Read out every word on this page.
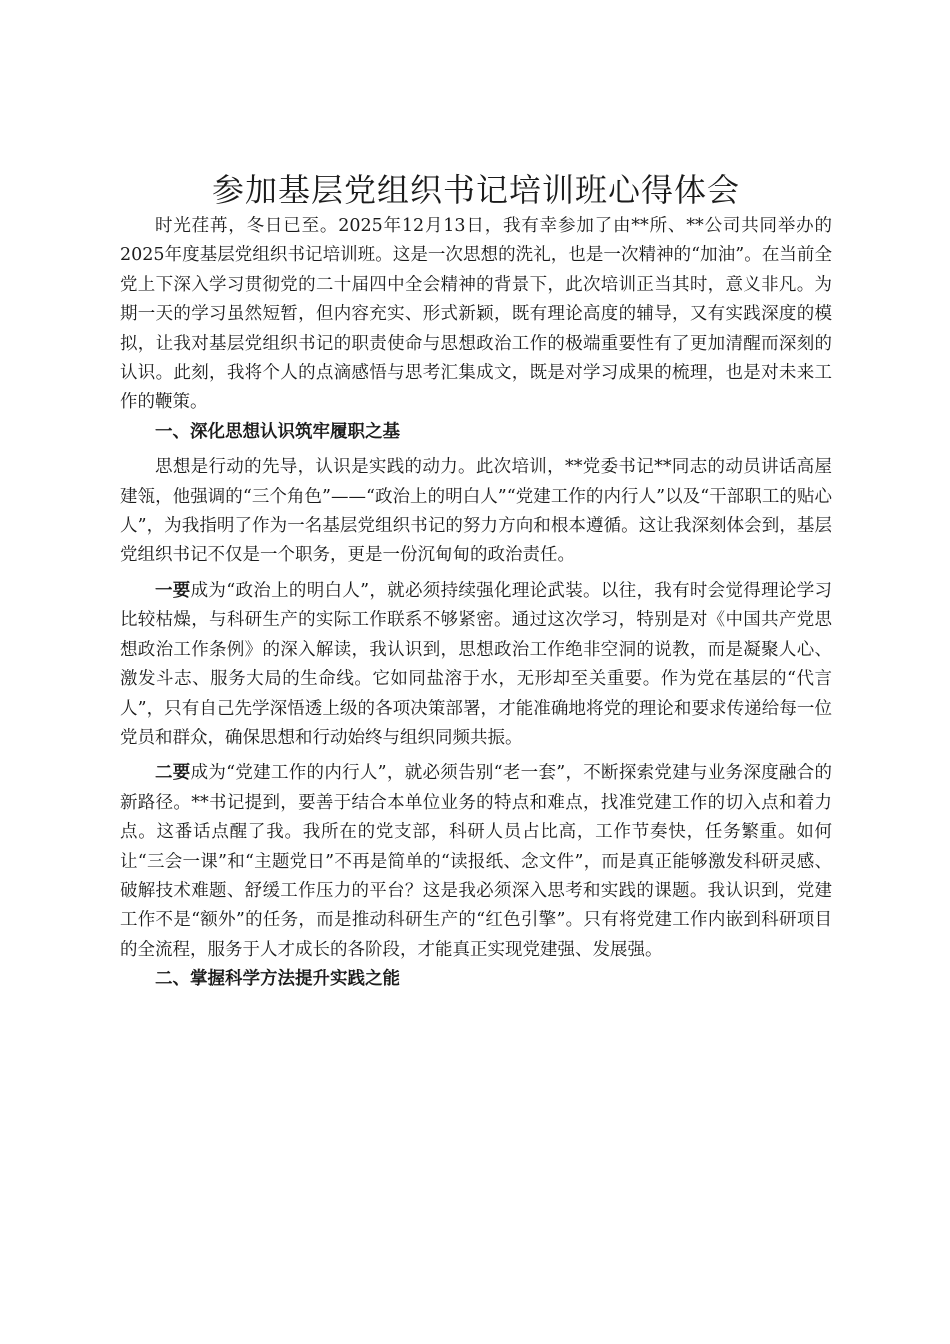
参加基层党组织书记培训班心得体会

时光荏苒，冬日已至。2025年12月13日，我有幸参加了由**所、**公司共同举办的2025年度基层党组织书记培训班。这是一次思想的洗礼，也是一次精神的“加油”。在当前全党上下深入学习贯彻党的二十届四中全会精神的背景下，此次培训正当其时，意义非凡。为期一天的学习虽然短暂，但内容充实、形式新颖，既有理论高度的辅导，又有实践深度的模拟，让我对基层党组织书记的职责使命与思想政治工作的极端重要性有了更加清醒而深刻的认识。此刻，我将个人的点滴感悟与思考汇集成文，既是对学习成果的梳理，也是对未来工作的鞭策。

一、深化思想认识筑牢履职之基

思想是行动的先导，认识是实践的动力。此次培训，**党委书记**同志的动员讲话高屋建瓴，他强调的“三个角色”——“政治上的明白人”“党建工作的内行人”以及“干部职工的贴心人”，为我指明了作为一名基层党组织书记的努力方向和根本遵循。这让我深刻体会到，基层党组织书记不仅是一个职务，更是一份沉甸甸的政治责任。

一要成为“政治上的明白人”，就必须持续强化理论武装。以往，我有时会觉得理论学习比较枯燥，与科研生产的实际工作联系不够紧密。通过这次学习，特别是对《中国共产党思想政治工作条例》的深入解读，我认识到，思想政治工作绝非空洞的说教，而是凝聚人心、激发斗志、服务大局的生命线。它如同盐溶于水，无形却至关重要。作为党在基层的“代言人”，只有自己先学深悟透上级的各项决策部署，才能准确地将党的理论和要求传递给每一位党员和群众，确保思想和行动始终与组织同频共振。

二要成为“党建工作的内行人”，就必须告别“老一套”，不断探索党建与业务深度融合的新路径。**书记提到，要善于结合本单位业务的特点和难点，找准党建工作的切入点和着力点。这番话点醒了我。我所在的党支部，科研人员占比高，工作节奏快，任务繁重。如何让“三会一课”和“主题党日”不再是简单的“读报纸、念文件”，而是真正能够激发科研灵感、破解技术难题、舒缓工作压力的平台？这是我必须深入思考和实践的课题。我认识到，党建工作不是“额外”的任务，而是推动科研生产的“红色引擎”。只有将党建工作内嵌到科研项目的全流程，服务于人才成长的各阶段，才能真正实现党建强、发展强。

二、掌握科学方法提升实践之能
